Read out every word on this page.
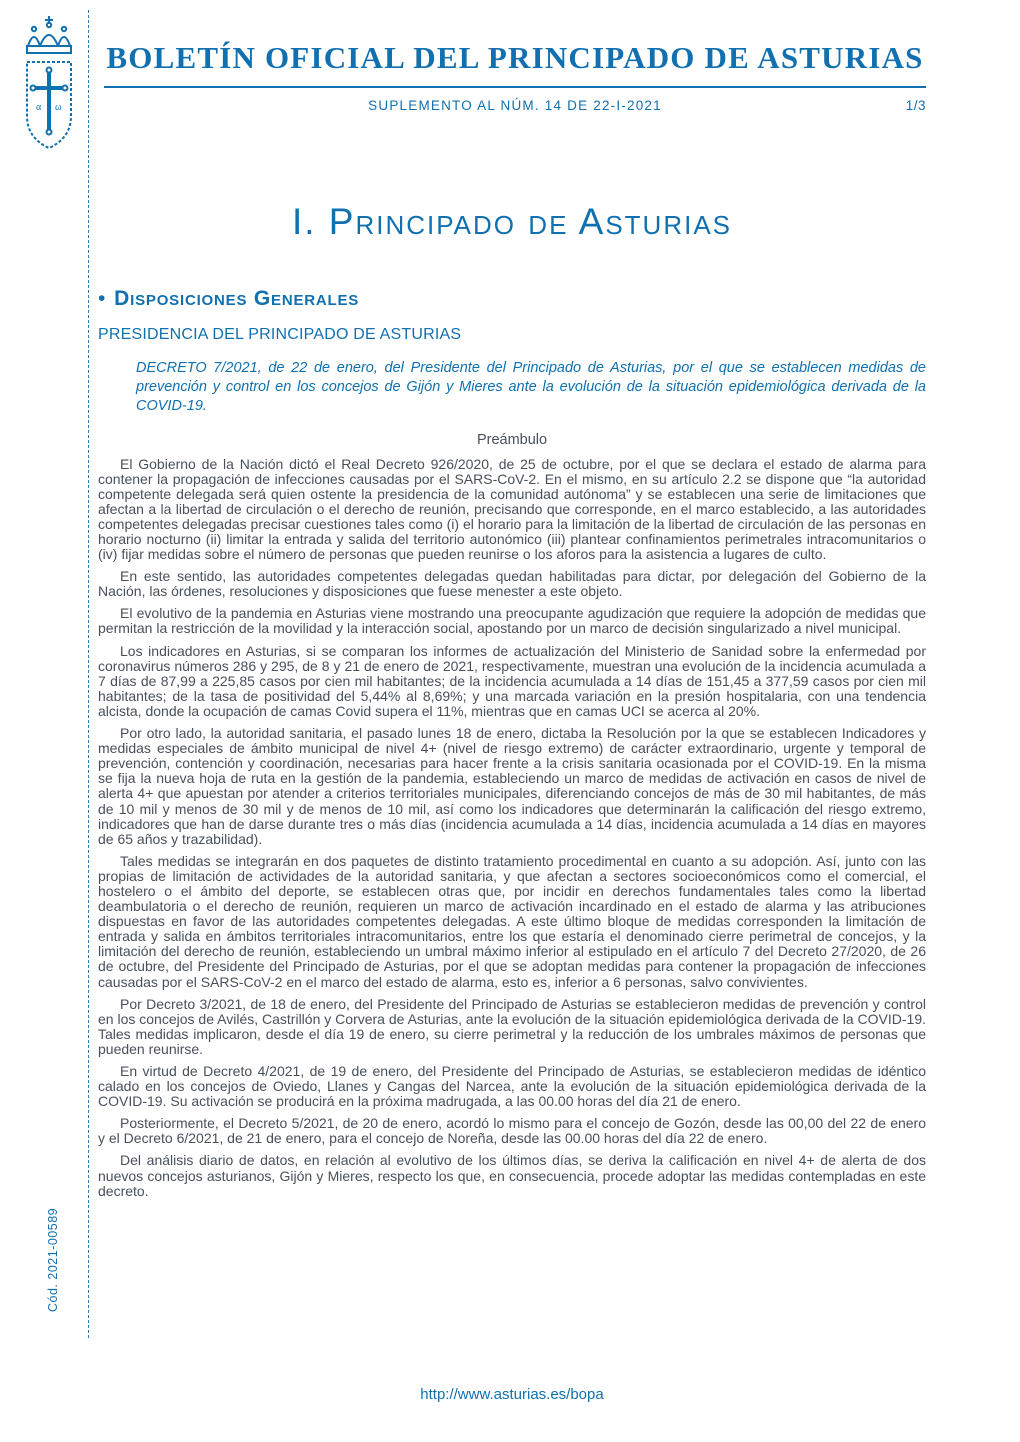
Cód. 2021-00589
α ω
BOLETÍN OFICIAL DEL PRINCIPADO DE ASTURIAS
SUPLEMENTO AL NÚM. 14 DE 22-I-2021	1/3
I. Principado de Asturias
• Disposiciones Generales
PRESIDENCIA DEL PRINCIPADO DE ASTURIAS

DECRETO 7/2021, de 22 de enero, del Presidente del Principado de Asturias, por el que se establecen medidas de prevención y control en los concejos de Gijón y Mieres ante la evolución de la situación epidemiológica derivada de la COVID-19.

Preámbulo

El Gobierno de la Nación dictó el Real Decreto 926/2020, de 25 de octubre, por el que se declara el estado de alarma para contener la propagación de infecciones causadas por el SARS-CoV-2. En el mismo, en su artículo 2.2 se dispone que “la autoridad competente delegada será quien ostente la presidencia de la comunidad autónoma” y se establecen una serie de limitaciones que afectan a la libertad de circulación o el derecho de reunión, precisando que corresponde, en el marco establecido, a las autoridades competentes delegadas precisar cuestiones tales como (i) el horario para la limitación de la libertad de circulación de las personas en horario nocturno (ii) limitar la entrada y salida del territorio autonómico (iii) plantear confinamientos perimetrales intracomunitarios o (iv) fijar medidas sobre el número de personas que pueden reunirse o los aforos para la asistencia a lugares de culto.

En este sentido, las autoridades competentes delegadas quedan habilitadas para dictar, por delegación del Gobierno de la Nación, las órdenes, resoluciones y disposiciones que fuese menester a este objeto.

El evolutivo de la pandemia en Asturias viene mostrando una preocupante agudización que requiere la adopción de medidas que permitan la restricción de la movilidad y la interacción social, apostando por un marco de decisión singularizado a nivel municipal.

Los indicadores en Asturias, si se comparan los informes de actualización del Ministerio de Sanidad sobre la enfermedad por coronavirus números 286 y 295, de 8 y 21 de enero de 2021, respectivamente, muestran una evolución de la incidencia acumulada a 7 días de 87,99 a 225,85 casos por cien mil habitantes; de la incidencia acumulada a 14 días de 151,45 a 377,59 casos por cien mil habitantes; de la tasa de positividad del 5,44% al 8,69%; y una marcada variación en la presión hospitalaria, con una tendencia alcista, donde la ocupación de camas Covid supera el 11%, mientras que en camas UCI se acerca al 20%.

Por otro lado, la autoridad sanitaria, el pasado lunes 18 de enero, dictaba la Resolución por la que se establecen Indicadores y medidas especiales de ámbito municipal de nivel 4+ (nivel de riesgo extremo) de carácter extraordinario, urgente y temporal de prevención, contención y coordinación, necesarias para hacer frente a la crisis sanitaria ocasionada por el COVID-19. En la misma se fija la nueva hoja de ruta en la gestión de la pandemia, estableciendo un marco de medidas de activación en casos de nivel de alerta 4+ que apuestan por atender a criterios territoriales municipales, diferenciando concejos de más de 30 mil habitantes, de más de 10 mil y menos de 30 mil y de menos de 10 mil, así como los indicadores que determinarán la calificación del riesgo extremo, indicadores que han de darse durante tres o más días (incidencia acumulada a 14 días, incidencia acumulada a 14 días en mayores de 65 años y trazabilidad).

Tales medidas se integrarán en dos paquetes de distinto tratamiento procedimental en cuanto a su adopción. Así, junto con las propias de limitación de actividades de la autoridad sanitaria, y que afectan a sectores socioeconómicos como el comercial, el hostelero o el ámbito del deporte, se establecen otras que, por incidir en derechos fundamentales tales como la libertad deambulatoria o el derecho de reunión, requieren un marco de activación incardinado en el estado de alarma y las atribuciones dispuestas en favor de las autoridades competentes delegadas. A este último bloque de medidas corresponden la limitación de entrada y salida en ámbitos territoriales intracomunitarios, entre los que estaría el denominado cierre perimetral de concejos, y la limitación del derecho de reunión, estableciendo un umbral máximo inferior al estipulado en el artículo 7 del Decreto 27/2020, de 26 de octubre, del Presidente del Principado de Asturias, por el que se adoptan medidas para contener la propagación de infecciones causadas por el SARS-CoV-2 en el marco del estado de alarma, esto es, inferior a 6 personas, salvo convivientes.

Por Decreto 3/2021, de 18 de enero, del Presidente del Principado de Asturias se establecieron medidas de prevención y control en los concejos de Avilés, Castrillón y Corvera de Asturias, ante la evolución de la situación epidemiológica derivada de la COVID-19. Tales medidas implicaron, desde el día 19 de enero, su cierre perimetral y la reducción de los umbrales máximos de personas que pueden reunirse.

En virtud de Decreto 4/2021, de 19 de enero, del Presidente del Principado de Asturias, se establecieron medidas de idéntico calado en los concejos de Oviedo, Llanes y Cangas del Narcea, ante la evolución de la situación epidemiológica derivada de la COVID-19. Su activación se producirá en la próxima madrugada, a las 00.00 horas del día 21 de enero.

Posteriormente, el Decreto 5/2021, de 20 de enero, acordó lo mismo para el concejo de Gozón, desde las 00,00 del 22 de enero y el Decreto 6/2021, de 21 de enero, para el concejo de Noreña, desde las 00.00 horas del día 22 de enero.

Del análisis diario de datos, en relación al evolutivo de los últimos días, se deriva la calificación en nivel 4+ de alerta de dos nuevos concejos asturianos, Gijón y Mieres, respecto los que, en consecuencia, procede adoptar las medidas contempladas en este decreto.

http://www.asturias.es/bopa
